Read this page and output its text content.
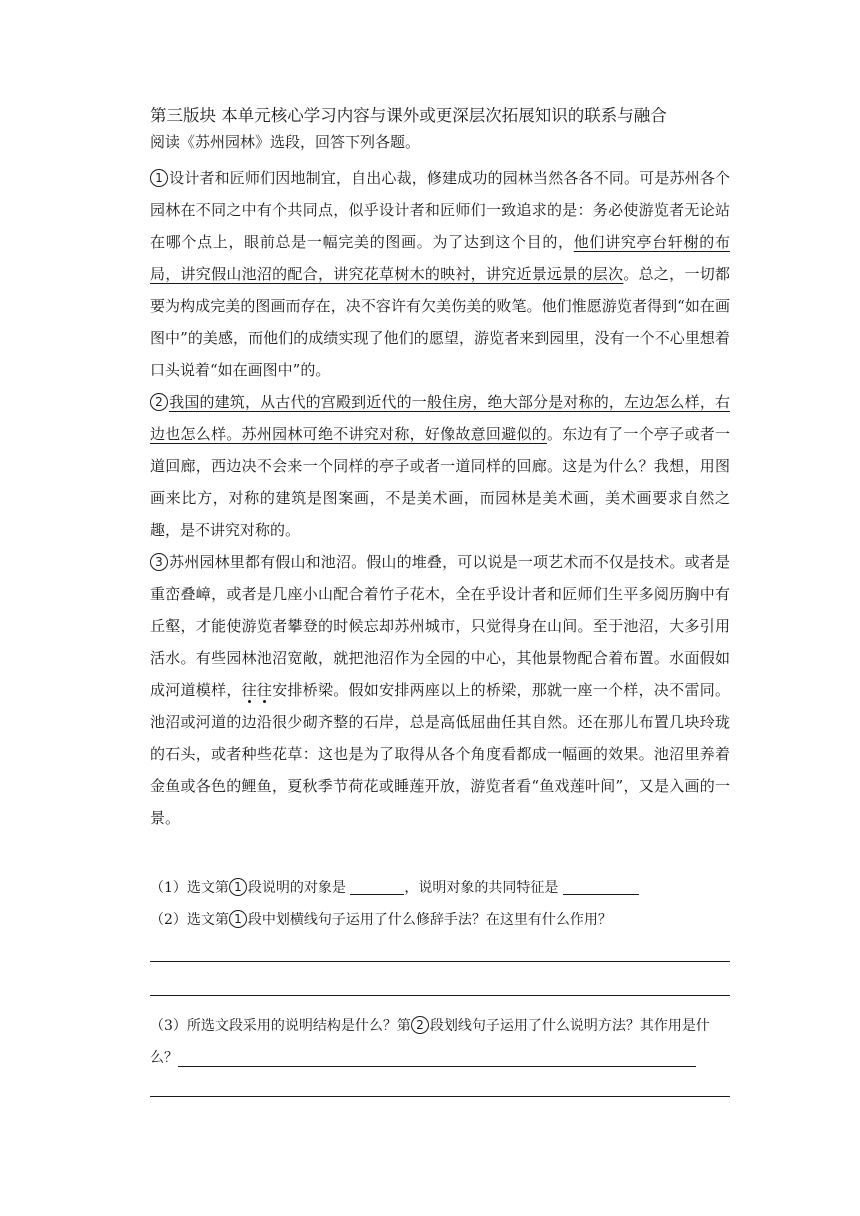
第三版块 本单元核心学习内容与课外或更深层次拓展知识的联系与融合
阅读《苏州园林》选段，回答下列各题。

1 设计者和匠师们因地制宜，自出心裁，修建成功的园林当然各各不同。可是苏州各个园林在不同之中有个共同点，似乎设计者和匠师们一致追求的是：务必使游览者无论站在哪个点上，眼前总是一幅完美的图画。为了达到这个目的，他们讲究亭台轩榭的布局，讲究假山池沼的配合，讲究花草树木的映衬，讲究近景远景的层次。总之，一切都要为构成完美的图画而存在，决不容许有欠美伤美的败笔。他们惟愿游览者得到“如在画图中”的美感，而他们的成绩实现了他们的愿望，游览者来到园里，没有一个不心里想着口头说着“如在画图中”的。

2 我国的建筑，从古代的宫殿到近代的一般住房，绝大部分是对称的，左边怎么样，右边也怎么样。苏州园林可绝不讲究对称，好像故意回避似的。东边有了一个亭子或者一道回廊，西边决不会来一个同样的亭子或者一道同样的回廊。这是为什么？我想，用图画来比方，对称的建筑是图案画，不是美术画，而园林是美术画，美术画要求自然之趣，是不讲究对称的。

3 苏州园林里都有假山和池沼。假山的堆叠，可以说是一项艺术而不仅是技术。或者是重峦叠嶂，或者是几座小山配合着竹子花木，全在乎设计者和匠师们生平多阅历胸中有丘壑，才能使游览者攀登的时候忘却苏州城市，只觉得身在山间。至于池沼，大多引用活水。有些园林池沼宽敞，就把池沼作为全园的中心，其他景物配合着布置。水面假如成河道模样，往往安排桥梁。假如安排两座以上的桥梁，那就一座一个样，决不雷同。池沼或河道的边沿很少砌齐整的石岸，总是高低屈曲任其自然。还在那儿布置几块玲珑的石头，或者种些花草：这也是为了取得从各个角度看都成一幅画的效果。池沼里养着金鱼或各色的鲤鱼，夏秋季节荷花或睡莲开放，游览者看“鱼戏莲叶间”，又是入画的一景。

（1）选文第 1 段说明的对象是	，说明对象的共同特征是

（2）选文第 1 段中划横线句子运用了什么修辞手法？在这里有什么作用？

（3）所选文段采用的说明结构是什么？第 2 段划线句子运用了什么说明方法？其作用是什么？
